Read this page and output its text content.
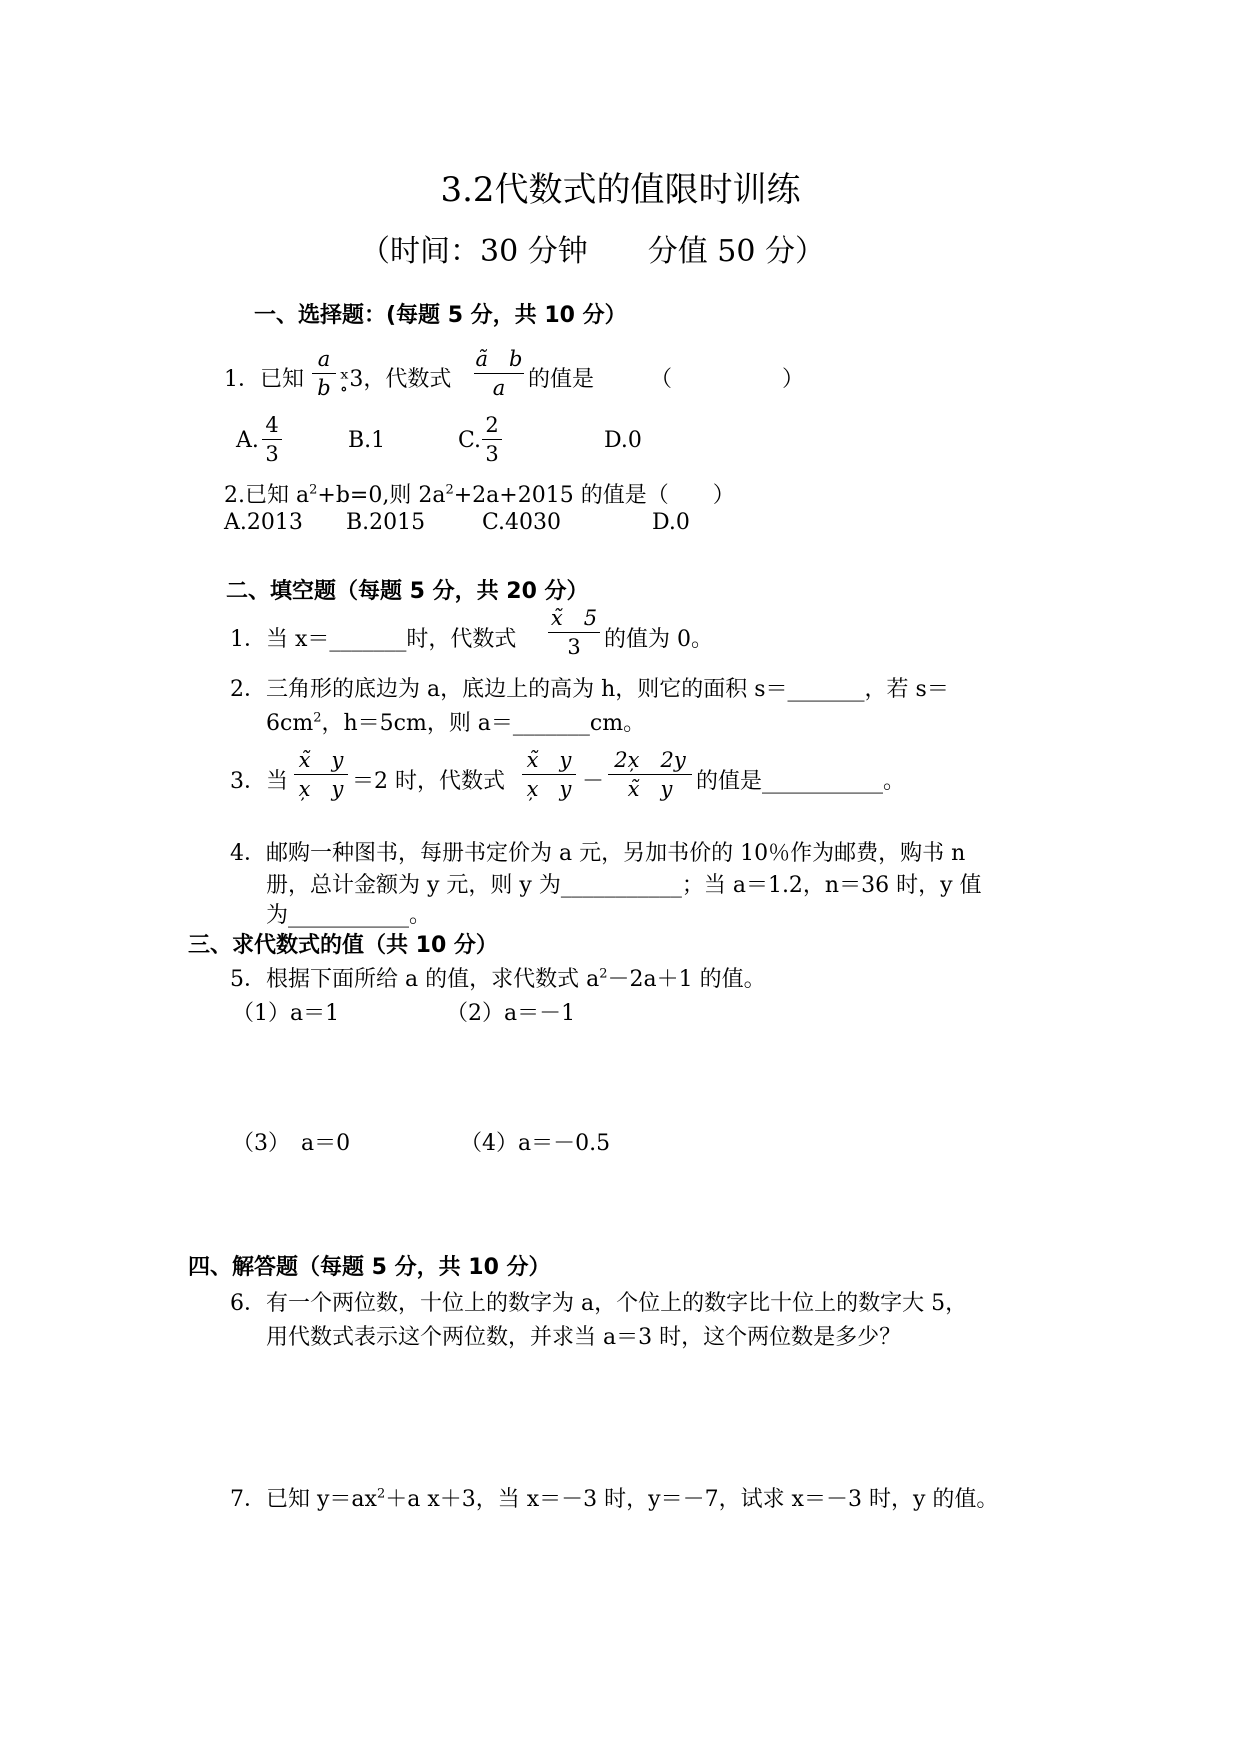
3.2代数式的值限时训练
（时间：30 分钟　　分值 50 分）
一、选择题：(每题 5 分，共 10 分）
1．已知
a
b ˣ̥3，代数式
ã　b
a	的值是	（　　　　　）
A.
4
3
B.1	C.
2
3
D.0
2.已知 $a^2+b=0$,则 $2a^2+2a+2015$ 的值是（　　）
A.2013 B.2015	C.4030	D.0
二、填空题（每题 5 分，共 20 分）
1．当 x＝_______时，代数式
x̃　5
3	的值为 0。
2．三角形的底边为 a，底边上的高为 h，则它的面积 s＝_______，若 s＝
$6cm^2$，h＝5cm，则 a＝_______cm。
3．当
x̃　y
x̦　y ＝2 时，代数式
x̃　y
x̦　y －
2x̦　2y
x̃　y	的值是___________。
4．邮购一种图书，每册书定价为 a 元，另加书价的 10％作为邮费，购书 n
册，总计金额为 y 元，则 y 为___________；当 a＝1.2，n＝36 时，y 值
为___________。
三、求代数式的值（共 10 分）
5．根据下面所给 a 的值，求代数式 $a^2-2a+1$ 的值。
（1）a＝1	（2）a＝－1
（3）　a＝0	（4）a＝－0.5
四、解答题（每题 5 分，共 10 分）
6．有一个两位数，十位上的数字为 a，个位上的数字比十位上的数字大 5，
用代数式表示这个两位数，并求当 a＝3 时，这个两位数是多少？
7．已知 $y=ax^2+a$ x＋3，当 x＝－3 时，y＝－7，试求 x＝－3 时，y 的值。
